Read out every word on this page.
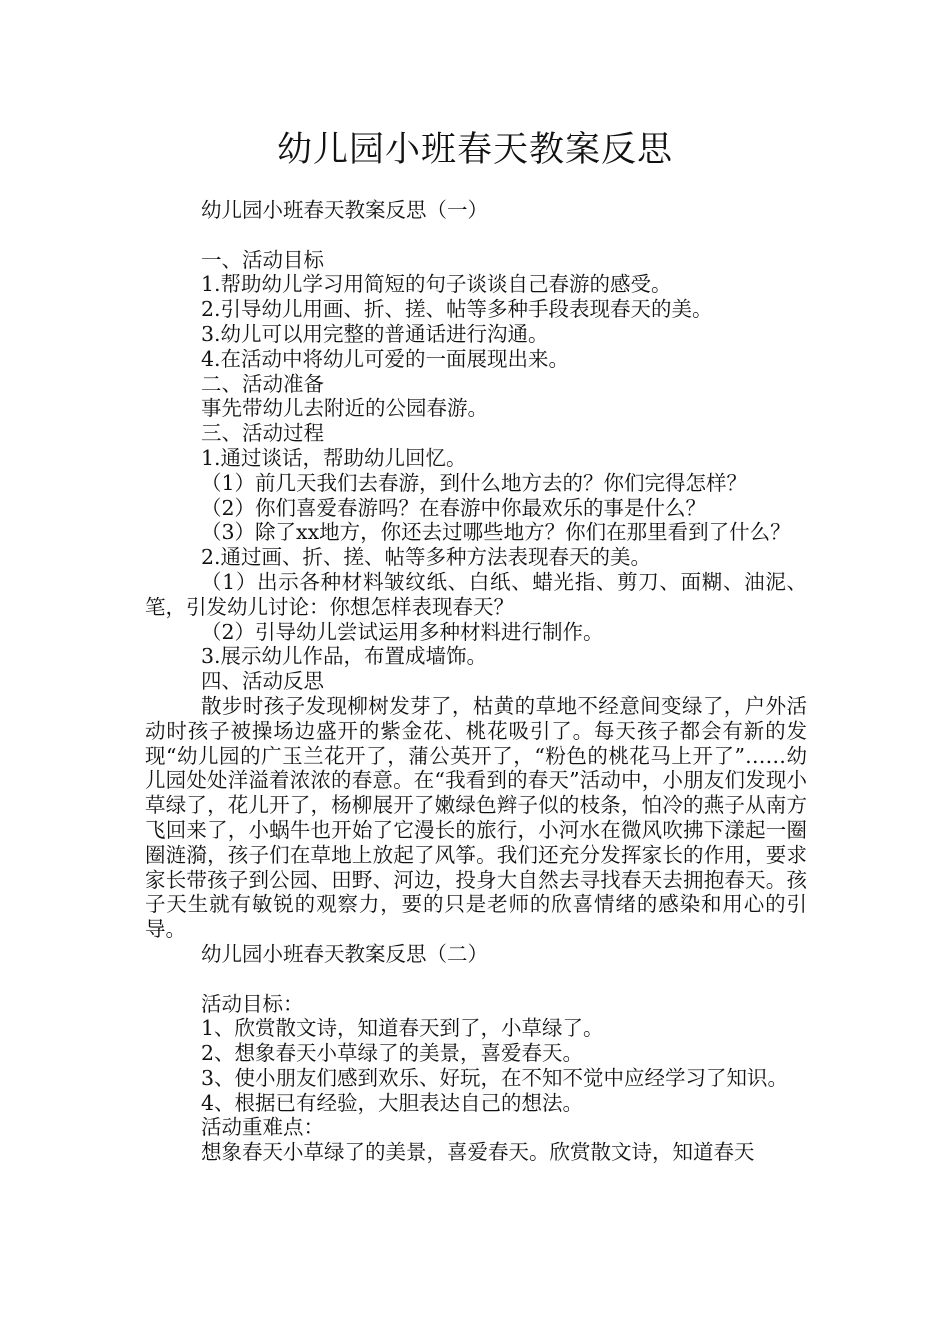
幼儿园小班春天教案反思

幼儿园小班春天教案反思（一）

一、活动目标

1.帮助幼儿学习用简短的句子谈谈自己春游的感受。

2.引导幼儿用画、折、搓、帖等多种手段表现春天的美。

3.幼儿可以用完整的普通话进行沟通。

4.在活动中将幼儿可爱的一面展现出来。

二、活动准备

事先带幼儿去附近的公园春游。

三、活动过程

1.通过谈话，帮助幼儿回忆。

（1）前几天我们去春游，到什么地方去的？你们完得怎样？

（2）你们喜爱春游吗？在春游中你最欢乐的事是什么？

（3）除了xx地方，你还去过哪些地方？你们在那里看到了什么？

2.通过画、折、搓、帖等多种方法表现春天的美。

（1）出示各种材料皱纹纸、白纸、蜡光指、剪刀、面糊、油泥、笔，引发幼儿讨论：你想怎样表现春天？

（2）引导幼儿尝试运用多种材料进行制作。

3.展示幼儿作品，布置成墙饰。

四、活动反思

散步时孩子发现柳树发芽了，枯黄的草地不经意间变绿了，户外活动时孩子被操场边盛开的紫金花、桃花吸引了。每天孩子都会有新的发现“幼儿园的广玉兰花开了，蒲公英开了，“粉色的桃花马上开了”……幼儿园处处洋溢着浓浓的春意。在“我看到的春天”活动中，小朋友们发现小草绿了，花儿开了，杨柳展开了嫩绿色辫子似的枝条，怕冷的燕子从南方飞回来了，小蜗牛也开始了它漫长的旅行，小河水在微风吹拂下漾起一圈圈涟漪，孩子们在草地上放起了风筝。我们还充分发挥家长的作用，要求家长带孩子到公园、田野、河边，投身大自然去寻找春天去拥抱春天。孩子天生就有敏锐的观察力，要的只是老师的欣喜情绪的感染和用心的引导。

幼儿园小班春天教案反思（二）

活动目标：

1、欣赏散文诗，知道春天到了，小草绿了。

2、想象春天小草绿了的美景，喜爱春天。

3、使小朋友们感到欢乐、好玩，在不知不觉中应经学习了知识。

4、根据已有经验，大胆表达自己的想法。

活动重难点：

想象春天小草绿了的美景，喜爱春天。欣赏散文诗，知道春天
